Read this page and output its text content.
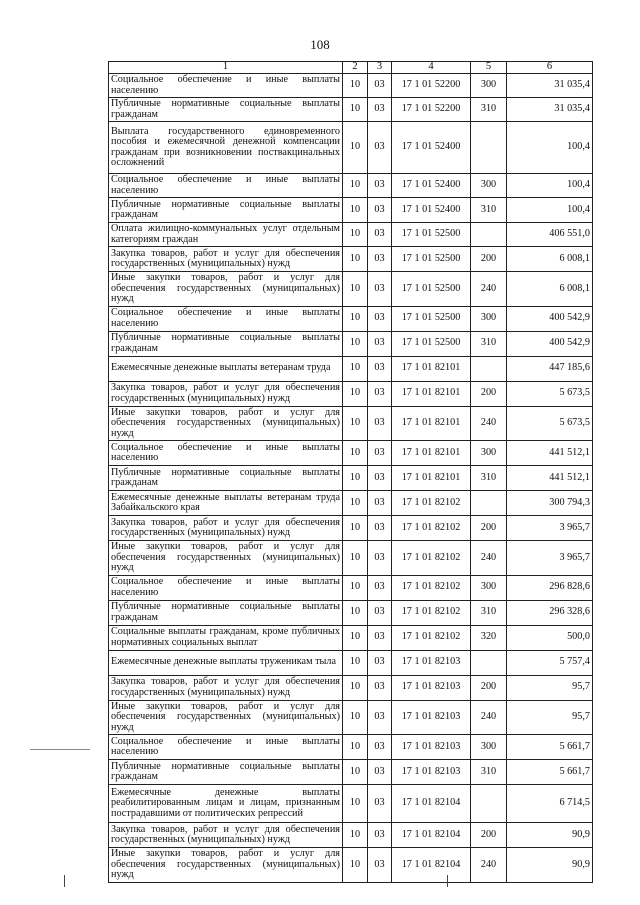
108
1	2	3	4	5	6
Социальное обеспечение и иные выплаты населению	10	03	17 1 01 52200	300	31 035,4
Публичные нормативные социальные выплаты гражданам	10	03	17 1 01 52200	310	31 035,4
Выплата государственного единовременного пособия и ежемесячной денежной компенсации гражданам при возникновении поствакцинальных осложнений	10	03	17 1 01 52400		100,4
Социальное обеспечение и иные выплаты населению	10	03	17 1 01 52400	300	100,4
Публичные нормативные социальные выплаты гражданам	10	03	17 1 01 52400	310	100,4
Оплата жилищно-коммунальных услуг отдельным категориям граждан	10	03	17 1 01 52500		406 551,0
Закупка товаров, работ и услуг для обеспечения государственных (муниципальных) нужд	10	03	17 1 01 52500	200	6 008,1
Иные закупки товаров, работ и услуг для обеспечения государственных (муниципальных) нужд	10	03	17 1 01 52500	240	6 008,1
Социальное обеспечение и иные выплаты населению	10	03	17 1 01 52500	300	400 542,9
Публичные нормативные социальные выплаты гражданам	10	03	17 1 01 52500	310	400 542,9
Ежемесячные денежные выплаты ветеранам труда	10	03	17 1 01 82101		447 185,6
Закупка товаров, работ и услуг для обеспечения государственных (муниципальных) нужд	10	03	17 1 01 82101	200	5 673,5
Иные закупки товаров, работ и услуг для обеспечения государственных (муниципальных) нужд	10	03	17 1 01 82101	240	5 673,5
Социальное обеспечение и иные выплаты населению	10	03	17 1 01 82101	300	441 512,1
Публичные нормативные социальные выплаты гражданам	10	03	17 1 01 82101	310	441 512,1
Ежемесячные денежные выплаты ветеранам труда Забайкальского края	10	03	17 1 01 82102		300 794,3
Закупка товаров, работ и услуг для обеспечения государственных (муниципальных) нужд	10	03	17 1 01 82102	200	3 965,7
Иные закупки товаров, работ и услуг для обеспечения государственных (муниципальных) нужд	10	03	17 1 01 82102	240	3 965,7
Социальное обеспечение и иные выплаты населению	10	03	17 1 01 82102	300	296 828,6
Публичные нормативные социальные выплаты гражданам	10	03	17 1 01 82102	310	296 328,6
Социальные выплаты гражданам, кроме публичных нормативных социальных выплат	10	03	17 1 01 82102	320	500,0
Ежемесячные денежные выплаты труженикам тыла	10	03	17 1 01 82103		5 757,4
Закупка товаров, работ и услуг для обеспечения государственных (муниципальных) нужд	10	03	17 1 01 82103	200	95,7
Иные закупки товаров, работ и услуг для обеспечения государственных (муниципальных) нужд	10	03	17 1 01 82103	240	95,7
Социальное обеспечение и иные выплаты населению	10	03	17 1 01 82103	300	5 661,7
Публичные нормативные социальные выплаты гражданам	10	03	17 1 01 82103	310	5 661,7
Ежемесячные денежные выплаты реабилитированным лицам и лицам, признанным пострадавшими от политических репрессий	10	03	17 1 01 82104		6 714,5
Закупка товаров, работ и услуг для обеспечения государственных (муниципальных) нужд	10	03	17 1 01 82104	200	90,9
Иные закупки товаров, работ и услуг для обеспечения государственных (муниципальных) нужд	10	03	17 1 01 82104	240	90,9
